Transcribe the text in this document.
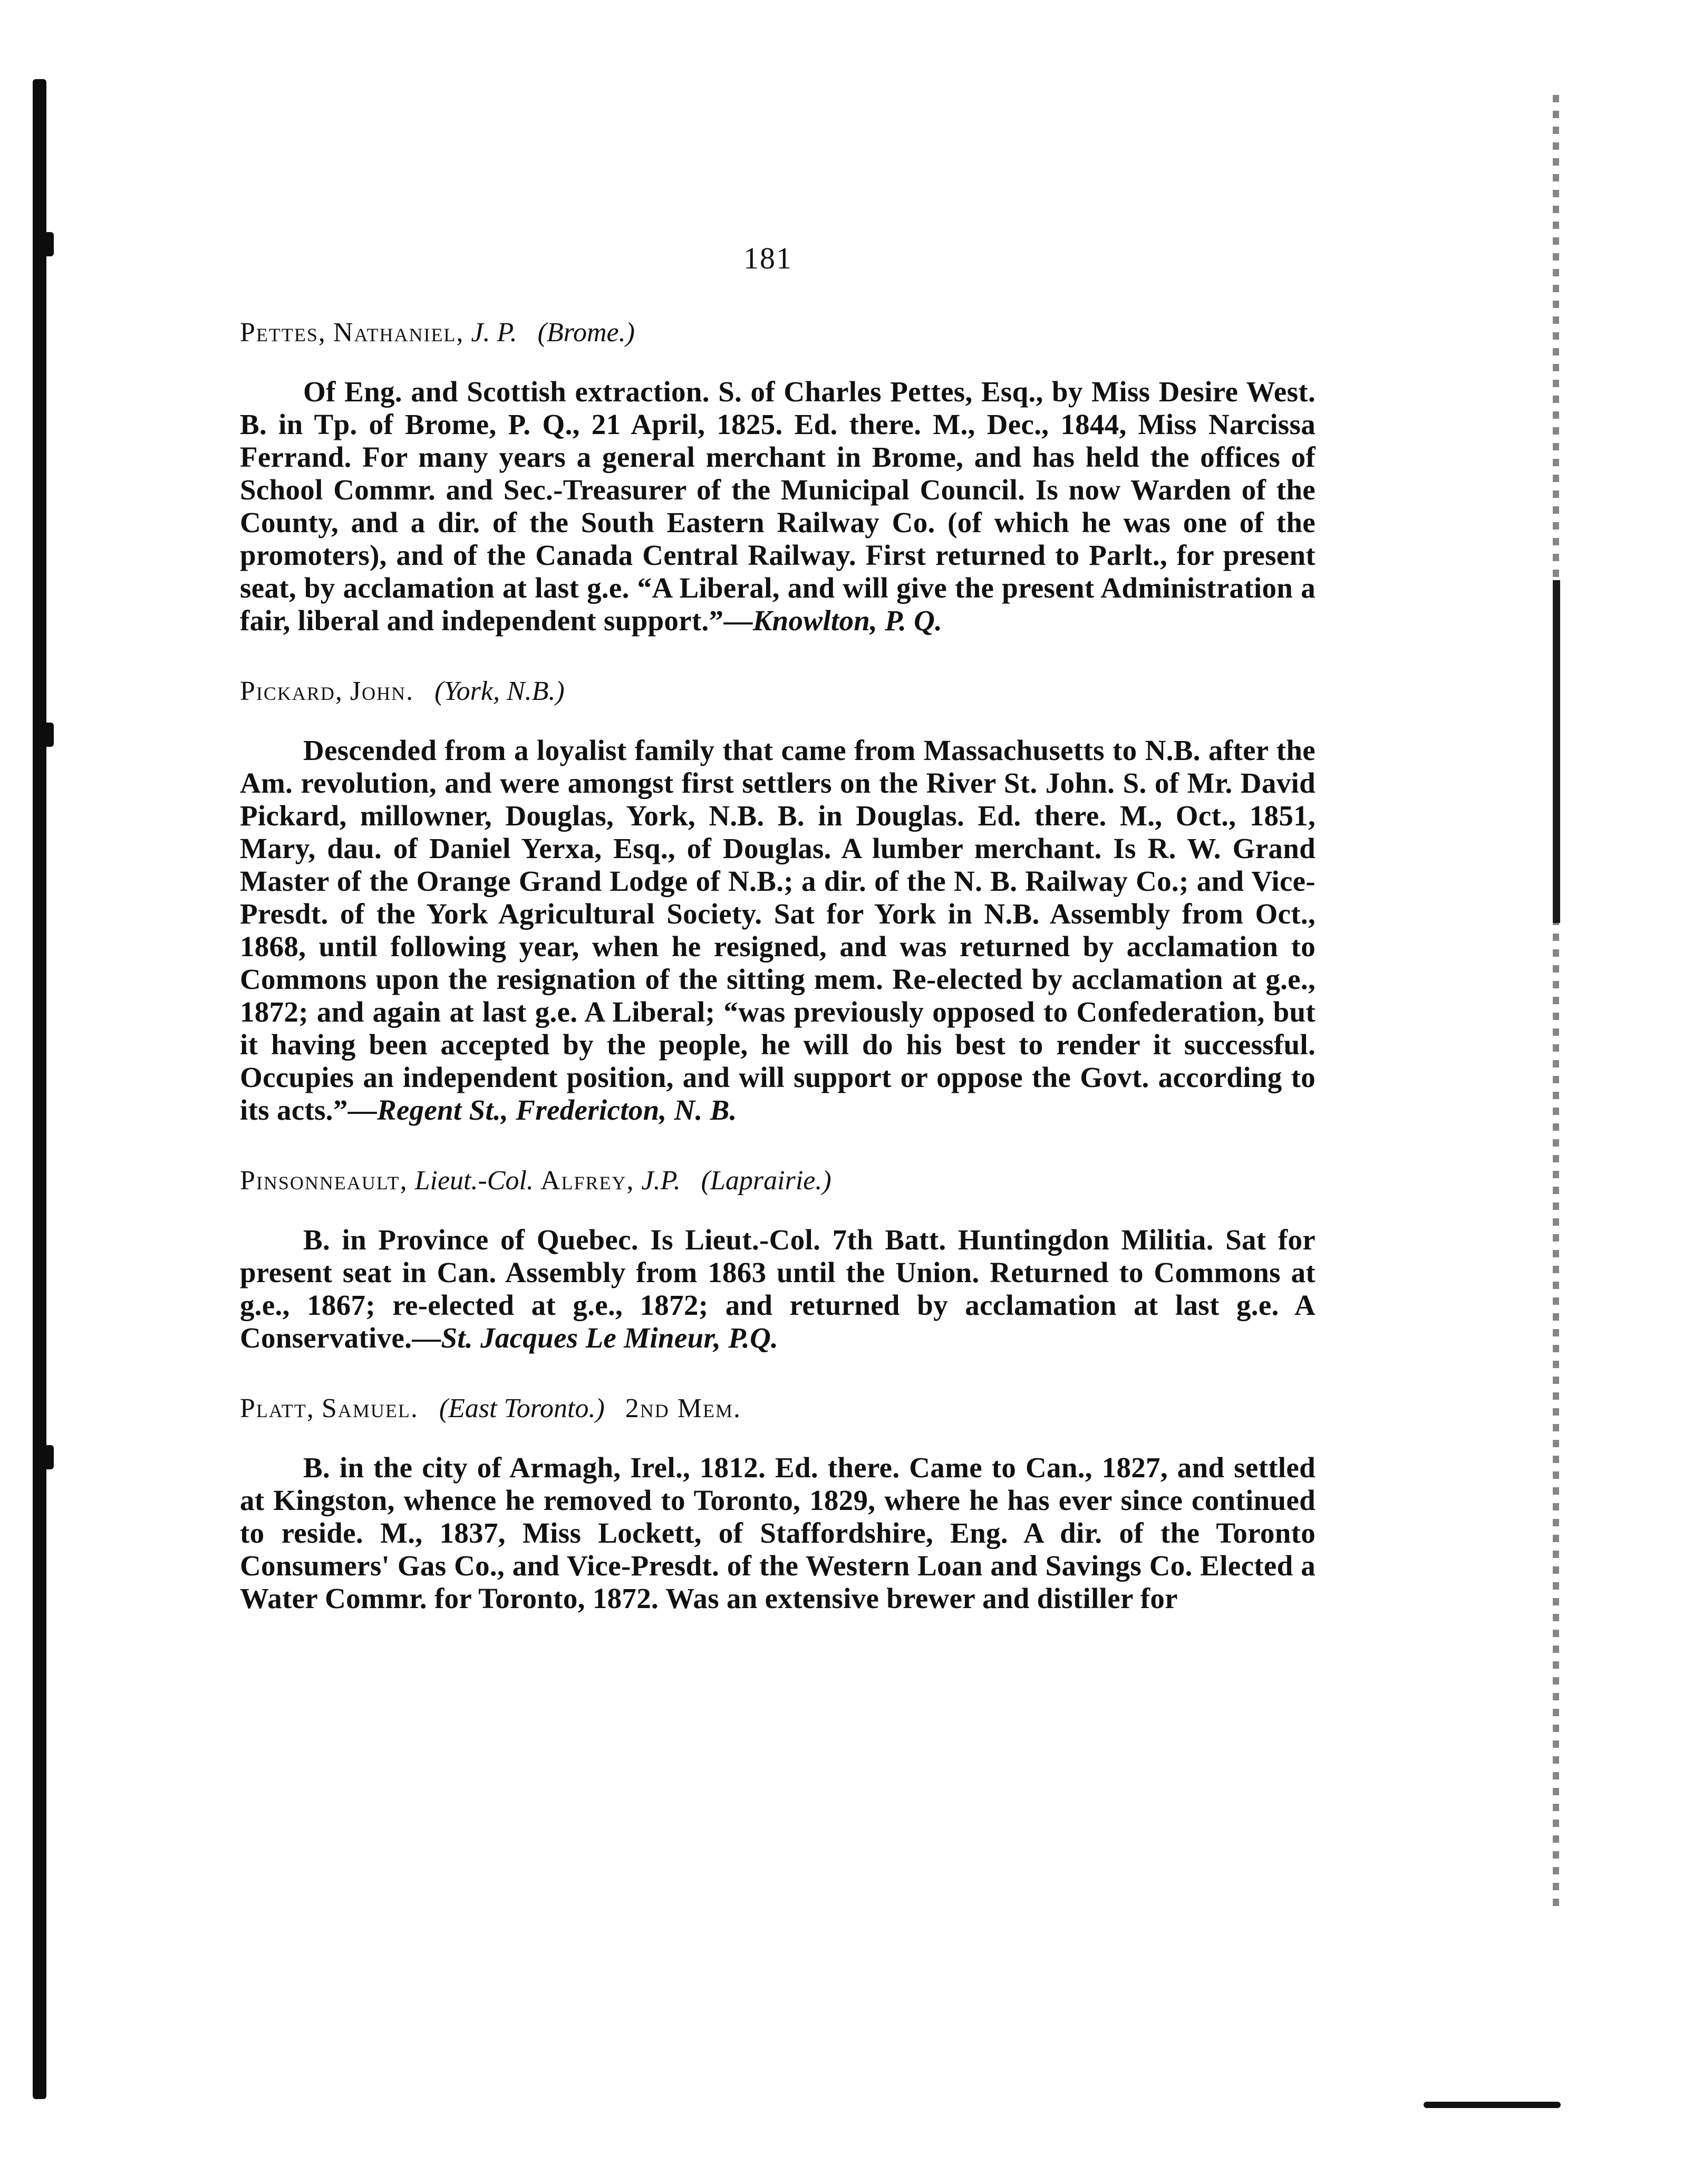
181
Pettes, Nathaniel, J. P. (Brome.)

Of Eng. and Scottish extraction. S. of Charles Pettes, Esq., by Miss Desire West. B. in Tp. of Brome, P. Q., 21 April, 1825. Ed. there. M., Dec., 1844, Miss Narcissa Ferrand. For many years a general merchant in Brome, and has held the offices of School Commr. and Sec.-Treasurer of the Municipal Council. Is now Warden of the County, and a dir. of the South Eastern Railway Co. (of which he was one of the promoters), and of the Canada Central Railway. First returned to Parlt., for present seat, by acclamation at last g.e. “A Liberal, and will give the present Administration a fair, liberal and independent support.”—Knowlton, P. Q.

Pickard, John. (York, N.B.)

Descended from a loyalist family that came from Massachusetts to N.B. after the Am. revolution, and were amongst first settlers on the River St. John. S. of Mr. David Pickard, millowner, Douglas, York, N.B. B. in Douglas. Ed. there. M., Oct., 1851, Mary, dau. of Daniel Yerxa, Esq., of Douglas. A lumber merchant. Is R. W. Grand Master of the Orange Grand Lodge of N.B.; a dir. of the N. B. Railway Co.; and Vice-Presdt. of the York Agricultural Society. Sat for York in N.B. Assembly from Oct., 1868, until following year, when he resigned, and was returned by acclamation to Commons upon the resignation of the sitting mem. Re-elected by acclamation at g.e., 1872; and again at last g.e. A Liberal; “was previously opposed to Confederation, but it having been accepted by the people, he will do his best to render it successful. Occupies an independent position, and will support or oppose the Govt. according to its acts.”—Regent St., Fredericton, N. B.

Pinsonneault, Lieut.-Col. Alfrey, J.P. (Laprairie.)

B. in Province of Quebec. Is Lieut.-Col. 7th Batt. Huntingdon Militia. Sat for present seat in Can. Assembly from 1863 until the Union. Returned to Commons at g.e., 1867; re-elected at g.e., 1872; and returned by acclamation at last g.e. A Conservative.—St. Jacques Le Mineur, P.Q.

Platt, Samuel. (East Toronto.) 2nd Mem.

B. in the city of Armagh, Irel., 1812. Ed. there. Came to Can., 1827, and settled at Kingston, whence he removed to Toronto, 1829, where he has ever since continued to reside. M., 1837, Miss Lockett, of Staffordshire, Eng. A dir. of the Toronto Consumers' Gas Co., and Vice-Presdt. of the Western Loan and Savings Co. Elected a Water Commr. for Toronto, 1872. Was an extensive brewer and distiller for
